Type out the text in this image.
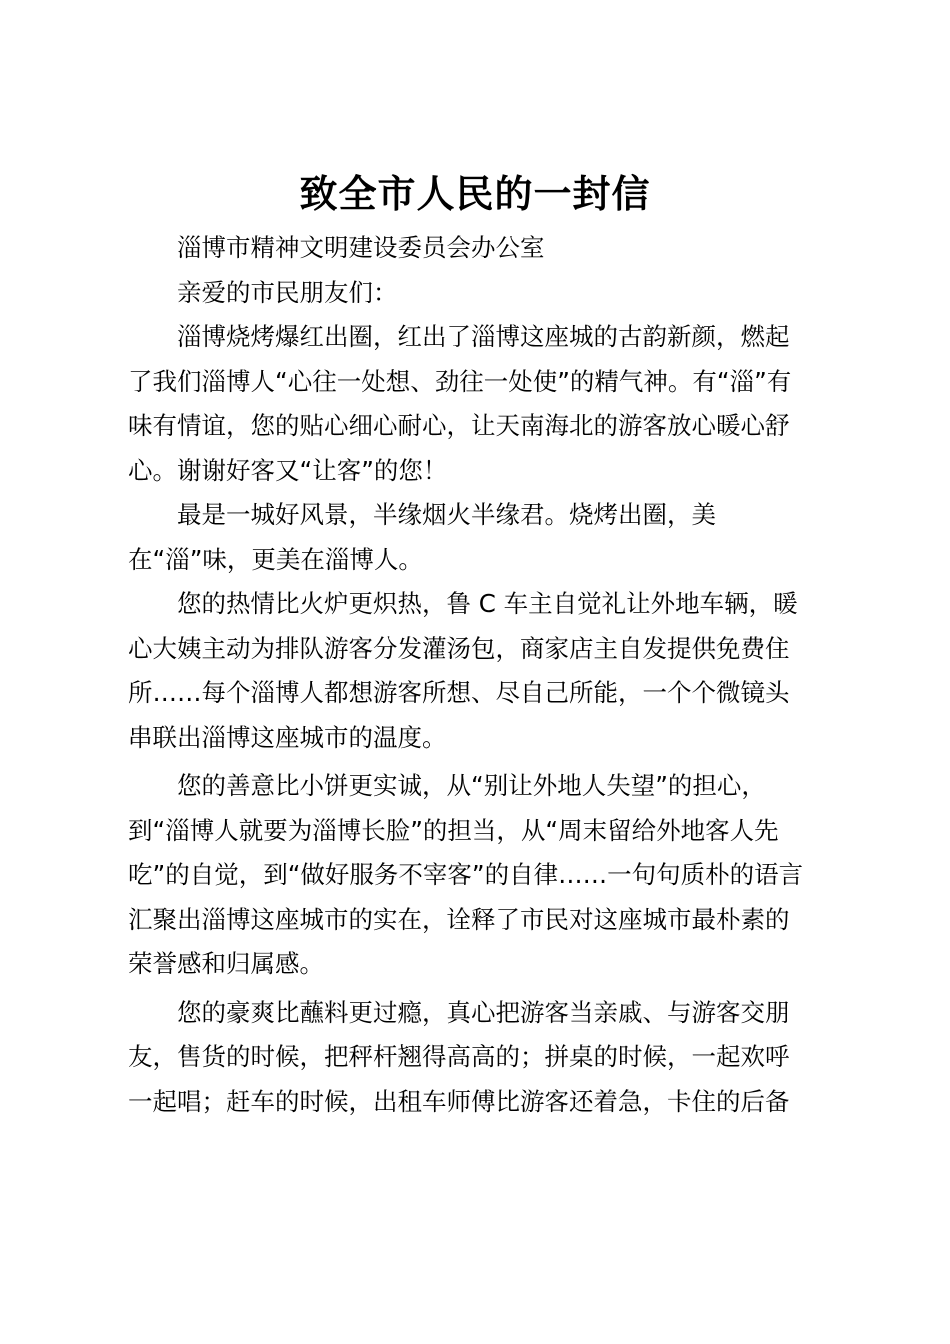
致全市人民的一封信
淄博市精神文明建设委员会办公室
亲爱的市民朋友们：
淄博烧烤爆红出圈，红出了淄博这座城的古韵新颜，燃起
了我们淄博人“心往一处想、劲往一处使”的精气神。有“淄”有
味有情谊，您的贴心细心耐心，让天南海北的游客放心暖心舒
心。谢谢好客又“让客”的您！
最是一城好风景，半缘烟火半缘君。烧烤出圈，美
在“淄”味，更美在淄博人。
您的热情比火炉更炽热，鲁 C 车主自觉礼让外地车辆，暖
心大姨主动为排队游客分发灌汤包，商家店主自发提供免费住
所……每个淄博人都想游客所想、尽自己所能，一个个微镜头
串联出淄博这座城市的温度。
您的善意比小饼更实诚，从“别让外地人失望”的担心，
到“淄博人就要为淄博长脸”的担当，从“周末留给外地客人先
吃”的自觉，到“做好服务不宰客”的自律……一句句质朴的语言
汇聚出淄博这座城市的实在，诠释了市民对这座城市最朴素的
荣誉感和归属感。
您的豪爽比蘸料更过瘾，真心把游客当亲戚、与游客交朋
友，售货的时候，把秤杆翘得高高的；拼桌的时候，一起欢呼
一起唱；赶车的时候，出租车师傅比游客还着急，卡住的后备
